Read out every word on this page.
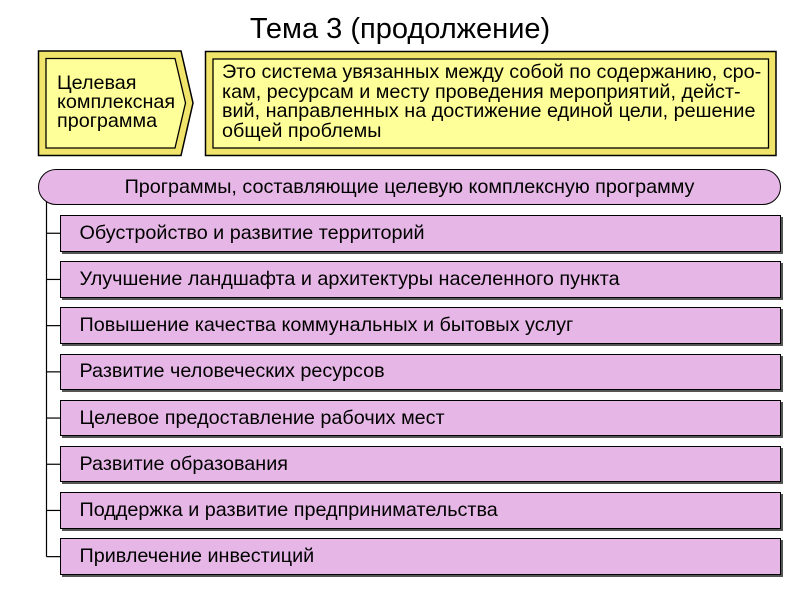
Тема 3 (продолжение)
Целевая
комплексная
программа
Это система увязанных между собой по содержанию, сро-
кам, ресурсам и месту проведения мероприятий, дейст-
вий, направленных на достижение единой цели, решение
общей проблемы
Программы, составляющие целевую комплексную программу
Обустройство и развитие территорий
Улучшение ландшафта и архитектуры населенного пункта
Повышение качества коммунальных и бытовых услуг
Развитие человеческих ресурсов
Целевое предоставление рабочих мест
Развитие образования
Поддержка и развитие предпринимательства
Привлечение инвестиций
